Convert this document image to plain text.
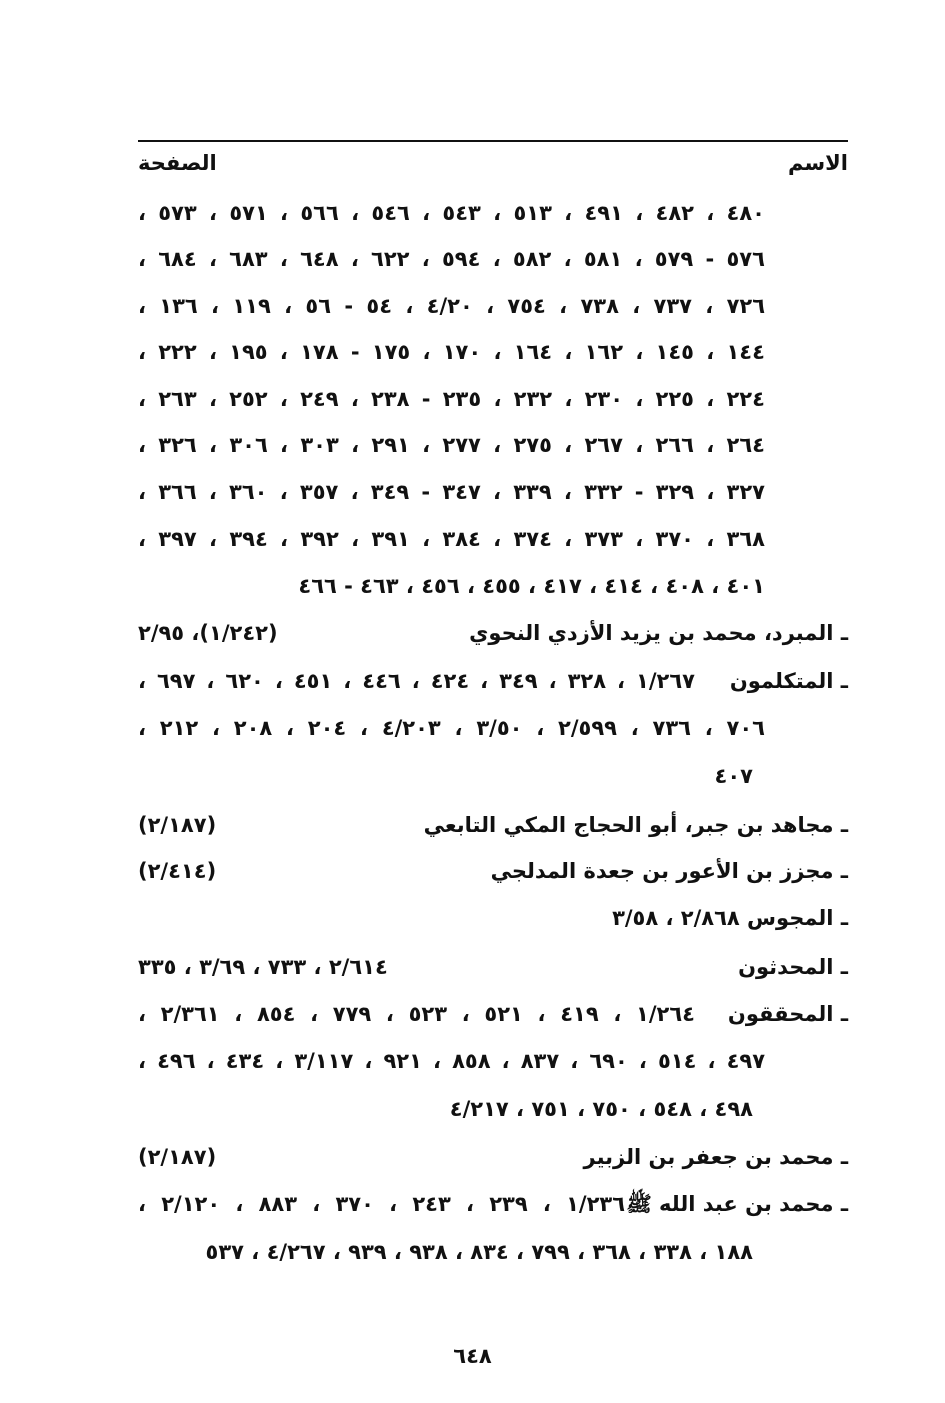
الاسم
الصفحة
٤٨٠ ، ٤٨٢ ، ٤٩١ ، ٥١٣ ، ٥٤٣ ، ٥٤٦ ، ٥٦٦ ، ٥٧١ ، ٥٧٣ ،
٥٧٦ - ٥٧٩ ، ٥٨١ ، ٥٨٢ ، ٥٩٤ ، ٦٢٢ ، ٦٤٨ ، ٦٨٣ ، ٦٨٤ ،
٧٢٦ ، ٧٣٧ ، ٧٣٨ ، ٧٥٤ ، ٤/٢٠ ، ٥٤ - ٥٦ ، ١١٩ ، ١٣٦ ،
١٤٤ ، ١٤٥ ، ١٦٢ ، ١٦٤ ، ١٧٠ ، ١٧٥ - ١٧٨ ، ١٩٥ ، ٢٢٢ ،
٢٢٤ ، ٢٢٥ ، ٢٣٠ ، ٢٣٢ ، ٢٣٥ - ٢٣٨ ، ٢٤٩ ، ٢٥٢ ، ٢٦٣ ،
٢٦٤ ، ٢٦٦ ، ٢٦٧ ، ٢٧٥ ، ٢٧٧ ، ٢٩١ ، ٣٠٣ ، ٣٠٦ ، ٣٢٦ ،
٣٢٧ ، ٣٢٩ - ٣٣٢ ، ٣٣٩ ، ٣٤٧ - ٣٤٩ ، ٣٥٧ ، ٣٦٠ ، ٣٦٦ ،
٣٦٨ ، ٣٧٠ ، ٣٧٣ ، ٣٧٤ ، ٣٨٤ ، ٣٩١ ، ٣٩٢ ، ٣٩٤ ، ٣٩٧ ،
٤٠١ ، ٤٠٨ ، ٤١٤ ، ٤١٧ ، ٤٥٥ ، ٤٥٦ ، ٤٦٣ - ٤٦٦
ـ المبرد، محمد بن يزيد الأزدي النحوي
(١/٢٤٢)، ٢/٩٥
ـ المتكلمون
١/٢٦٧ ، ٣٢٨ ، ٣٤٩ ، ٤٢٤ ، ٤٤٦ ، ٤٥١ ، ٦٢٠ ، ٦٩٧ ،
٧٠٦ ، ٧٣٦ ، ٢/٥٩٩ ، ٣/٥٠ ، ٤/٢٠٣ ، ٢٠٤ ، ٢٠٨ ، ٢١٢ ،
٤٠٧
ـ مجاهد بن جبر، أبو الحجاج المكي التابعي
(٢/١٨٧)
ـ مجزز بن الأعور بن جعدة المدلجي
(٢/٤١٤)
ـ المجوس ٢/٨٦٨ ، ٣/٥٨
ـ المحدثون
٢/٦١٤ ، ٧٣٣ ، ٣/٦٩ ، ٣٣٥
ـ المحققون
١/٢٦٤ ، ٤١٩ ، ٥٢١ ، ٥٢٣ ، ٧٧٩ ، ٨٥٤ ، ٢/٣٦١ ،
٤٩٧ ، ٥١٤ ، ٦٩٠ ، ٨٣٧ ، ٨٥٨ ، ٩٢١ ، ٣/١١٧ ، ٤٣٤ ، ٤٩٦ ،
٤٩٨ ، ٥٤٨ ، ٧٥٠ ، ٧٥١ ، ٤/٢١٧
ـ محمد بن جعفر بن الزبير
(٢/١٨٧)
ـ محمد بن عبد الله ﷺ
١/٢٣٦ ، ٢٣٩ ، ٢٤٣ ، ٣٧٠ ، ٨٨٣ ، ٢/١٢٠ ،
١٨٨ ، ٣٣٨ ، ٣٦٨ ، ٧٩٩ ، ٨٣٤ ، ٩٣٨ ، ٩٣٩ ، ٤/٢٦٧ ، ٥٣٧
٦٤٨
